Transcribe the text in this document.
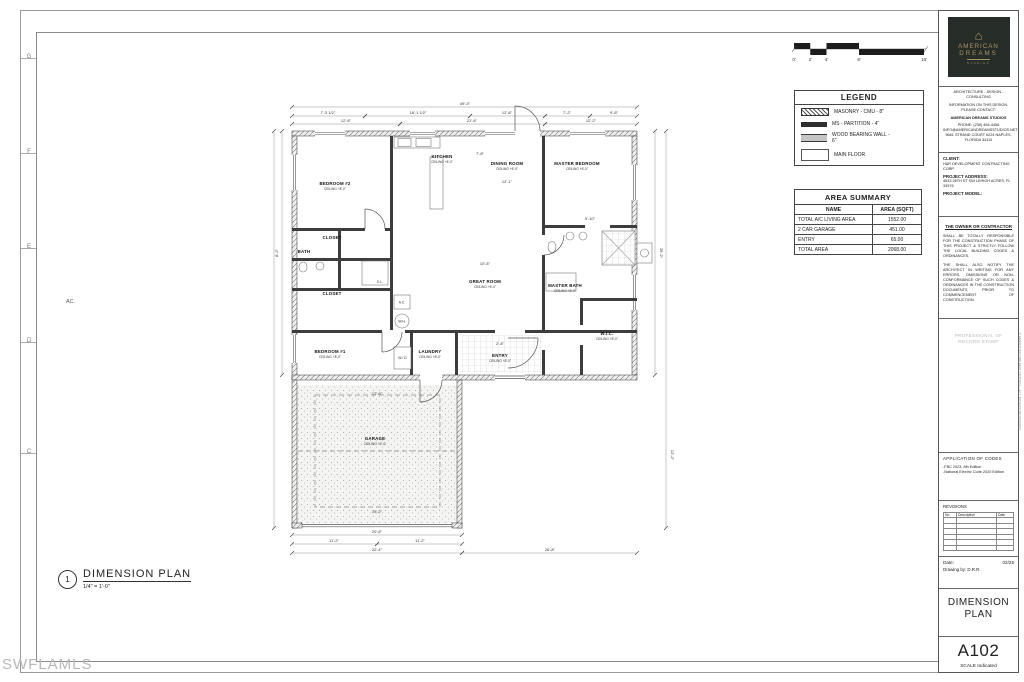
G
F
E
D
C
0'	2'	4'	8'	16'
LEGEND
MASONRY - CMU - 8"
MS - PARTITION - 4"
WOOD BEARING WALL - 6"
MAIN FLOOR
AREA SUMMARY	
NAME	AREA (SQFT)
TOTAL A/C LIVING AREA	1552.00
2 CAR GARAGE	451.00
ENTRY	65.00
TOTAL AREA	2068.00
A.C.
W.H.
W / D
C.L.
49'-3"
7'-3 1/2"	18'-1 1/2"	12'-8"	7'-2"	9'-8"
12'-8"	21'-8"	12'-2"
20'-8"
11'-2"	11'-2"
22'-4"	26'-8"
35'-2"
12'-2"
8'-2"
17'-8"
19'-2"
12'-1"
7'-8"
5'-10"
2'-8"
10'-8"
BEDROOM #2
CEILING +8'-0"
KITCHEN
CEILING +8'-0"	DINING ROOM
CEILING +8'-0"
MASTER BEDROOM
CEILING +8'-0"
GREAT ROOM
CEILING +8'-0"	MASTER BATH
CEILING +8'-0"
W.I.C.
CEILING +8'-0"
ENTRY
CEILING +8'-0"
LAUNDRY
CEILING +8'-0"
BEDROOM #1
CEILING +8'-0"
BATH
CLOSET
CLOSET
GARAGE
CEILING +9'-4"
AC.
1	DIMENSION PLAN
1/4" = 1'-0"
⌂
AMERICAN
DREAMS
STUDIOS
ARCHITECTURE - DESIGN - CONSULTING
INFORMATION ON THIS DESIGN, PLEASE CONTACT:
AMERICAN DREAMS STUDIOS
PHONE: (239) 464-4456
INFO@AMERICANDREAMSSTUDIOS.NET
5661 STRAND COURT #224 NAPLES, FLORIDA 34110
CLIENT:
H&R DEVELOPMENT CONTRACTING CORP.
PROJECT ADDRESS:
4633 26TH ST SW LEHIGH ACRES, FL 33976
PROJECT MODEL:
THE OWNER OR CONTRACTOR
SHALL BE TOTALLY RESPONSIBLE FOR THE CONSTRUCTION PHASE OF THIS PROJECT & STRICTLY FOLLOW THE LOCAL BUILDING CODES & ORDINANCES.
THE SHALL ALSO NOTIFY THE ARCHITECT IN WRITING FOR ANY ERRORS, OMISSIONS OR NON-CONFORMANCE OF SUCH CODES & ORDINANCES IN THE CONSTRUCTION DOCUMENTS PRIOR TO COMMENCEMENT OF CONSTRUCTION.
PROFESSIONAL OF
RECORD STAMP
APPLICATION OF CODES
-FBC 2023, 8th Edition
-National Electric Code 2020 Edition
REVISIONS
No.	Description	Date

Date:	02/25
Drawing by: D.R.R.
DIMENSION PLAN
A102
SCALE Indicated
© AMERICAN DREAMS STUDIOS - ALL RIGHTS RESERVED
SWFLAMLS
